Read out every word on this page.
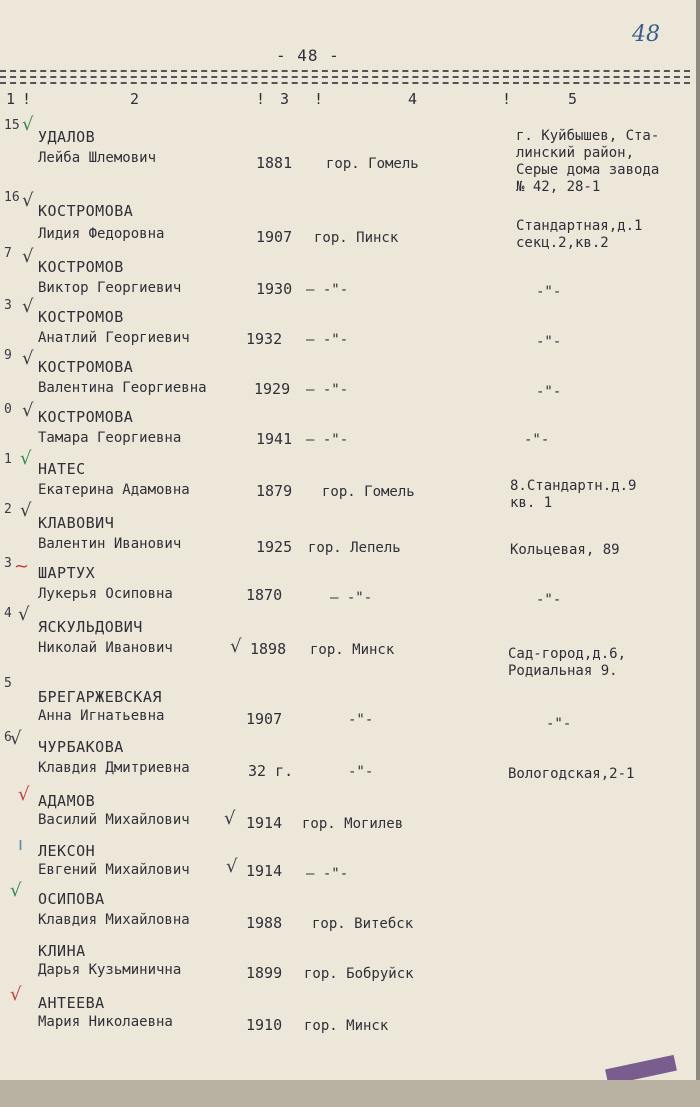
48
- 48 -
1 !	2	! 3 !	4	!	5
15 √
УДАЛОВ
Лейба Шлемович	1881 гор. Гомель
г. Куйбышев, Ста-
линский район,
Серые дома завода
№ 42, 28-1
16 √ КОСТРОМОВА
Лидия Федоровна	1907 гор. Пинск
Стандартная,д.1
секц.2,кв.2
7 √ КОСТРОМОВ
Виктор Георгиевич	1930 — -"-	-"-
3 √ КОСТРОМОВ
Анатлий Георгиевич	1932 — -"-	-"-
9 √ КОСТРОМОВА
Валентина Георгиевна	1929 — -"-	-"-
0 √ КОСТРОМОВА
Тамара Георгиевна	1941 — -"-	-"-
1 √ НАТЕС
Екатерина Адамовна	1879 гор. Гомель	8.Стандартн.д.9
кв. 1
2 √
КЛАВОВИЧ
Валентин Иванович	1925 гор. Лепель	Кольцевая, 89
3 ~ ШАРТУХ
Лукерья Осиповна	1870	— -"-	-"-
4 √
ЯСКУЛЬДОВИЧ
Николай Иванович	√ 1898 гор. Минск	Сад-город,д.6,
Родиальная 9.
5
БРЕГАРЖЕВСКАЯ
Анна Игнатьевна	1907	-"-	-"-
6
√ ЧУРБАКОВА
Клавдия Дмитриевна	32 г.	-"-	Вологодская,2-1
√ АДАМОВ
Василий Михайлович √ 1914 гор. Могилев
ı ЛЕКСОН
Евгений Михайлович √ 1914 — -"-
√ ОСИПОВА
Клавдия Михайловна	1988 гор. Витебск
КЛИНА
Дарья Кузьминична	1899 гор. Бобруйск
√ АНТЕЕВА
Мария Николаевна	1910 гор. Минск
